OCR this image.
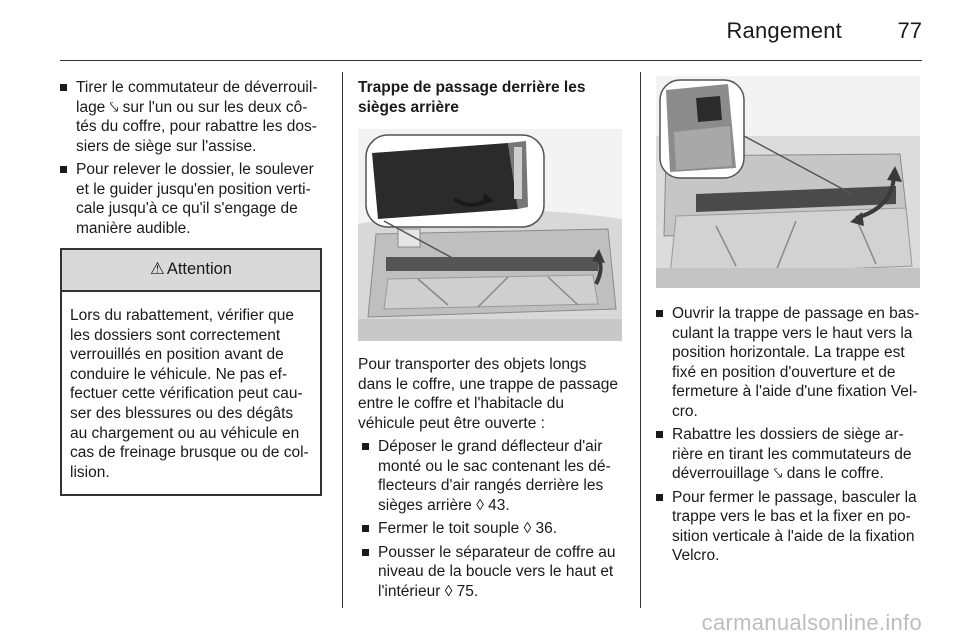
Rangement	77
Tirer le commutateur de déverrouillage ⤥ sur l'un ou sur les deux côtés du coffre, pour rabattre les dossiers de siège sur l'assise.
Pour relever le dossier, le soulever et le guider jusqu'en position verticale jusqu'à ce qu'il s'engage de manière audible.
⚠ Attention
Lors du rabattement, vérifier que les dossiers sont correctement verrouillés en position avant de conduire le véhicule. Ne pas effectuer cette vérification peut causer des blessures ou des dégâts au chargement ou au véhicule en cas de freinage brusque ou de collision.
Trappe de passage derrière les sièges arrière
Pour transporter des objets longs dans le coffre, une trappe de passage entre le coffre et l'habitacle du véhicule peut être ouverte :
Déposer le grand déflecteur d'air monté ou le sac contenant les déflecteurs d'air rangés derrière les sièges arrière ◊ 43.
Fermer le toit souple ◊ 36.
Pousser le séparateur de coffre au niveau de la boucle vers le haut et l'intérieur ◊ 75.
Ouvrir la trappe de passage en basculant la trappe vers le haut vers la position horizontale. La trappe est fixé en position d'ouverture et de fermeture à l'aide d'une fixation Velcro.
Rabattre les dossiers de siège arrière en tirant les commutateurs de déverrouillage ⤥ dans le coffre.
Pour fermer le passage, basculer la trappe vers le bas et la fixer en position verticale à l'aide de la fixation Velcro.
carmanualsonline.info
